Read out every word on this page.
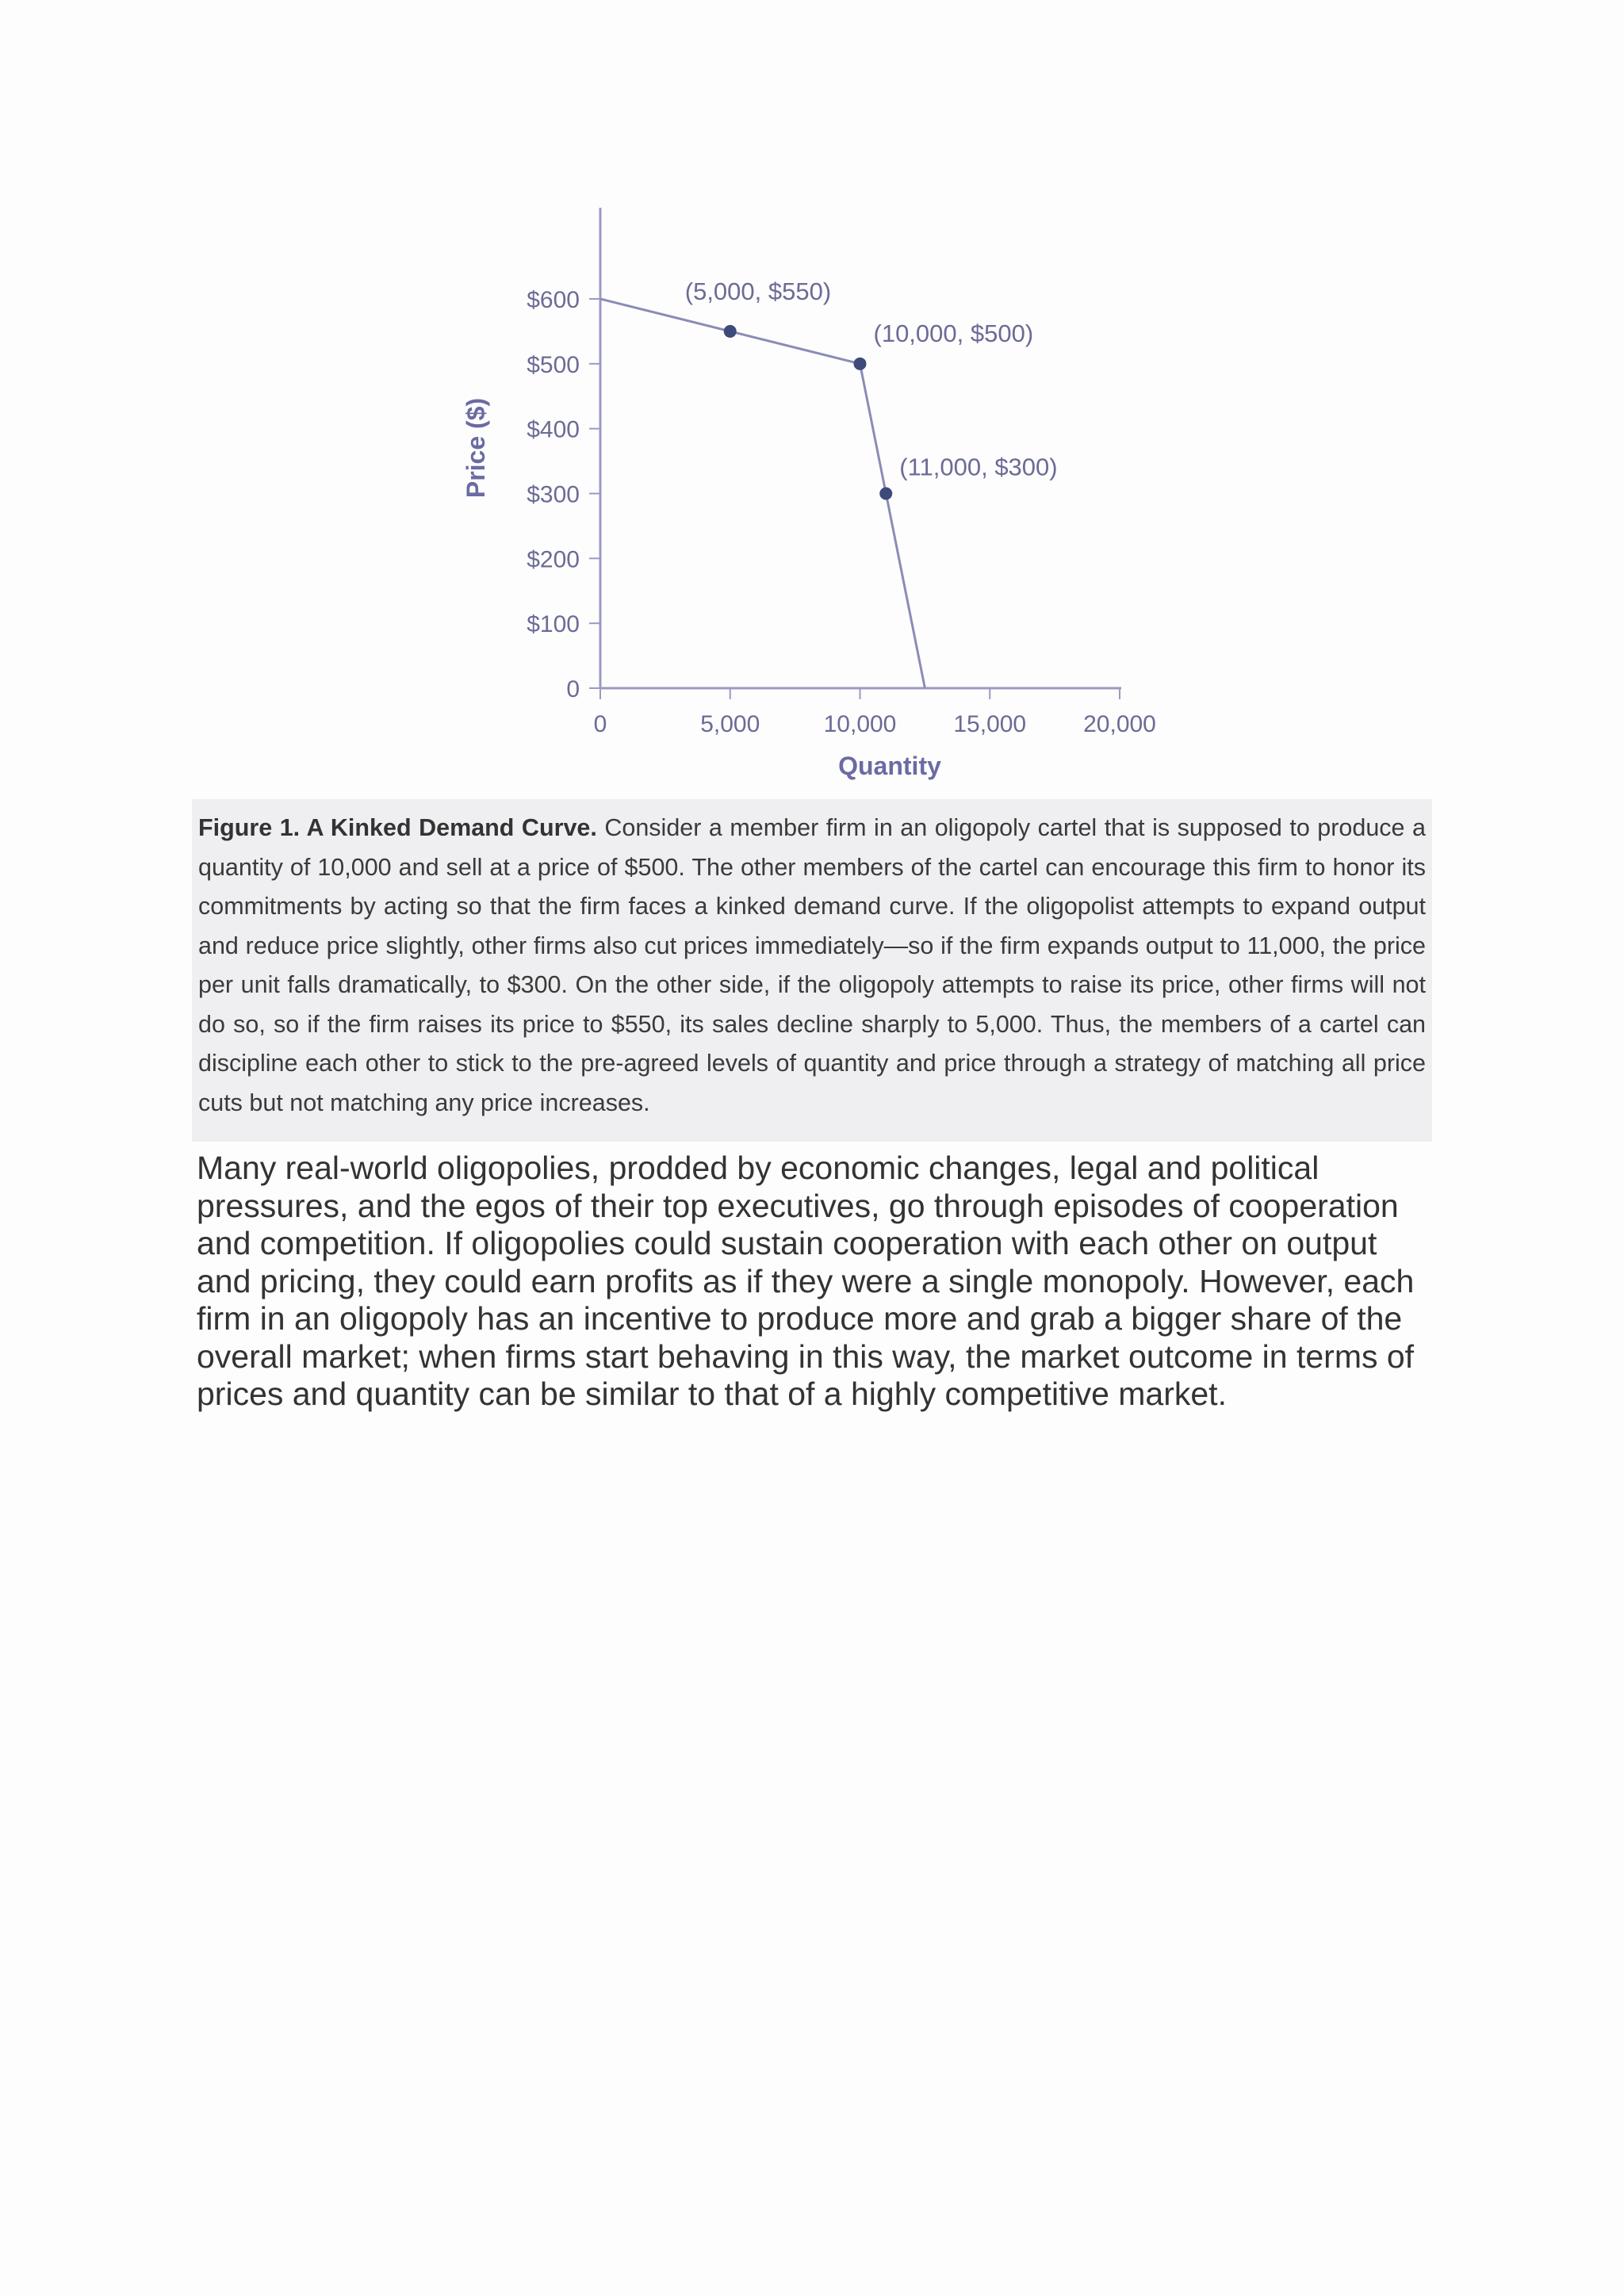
0
$100
$200
$300
$400
$500
$600
0	5,000	10,000 15,000 20,000
(5,000, $550)
(10,000, $500)
(11,000, $300)
Quantity
Price ($)
Figure 1. A Kinked Demand Curve. Consider a member firm in an oligopoly cartel that is supposed to produce a quantity of 10,000 and sell at a price of $500. The other members of the cartel can encourage this firm to honor its commitments by acting so that the firm faces a kinked demand curve. If the oligopolist attempts to expand output and reduce price slightly, other firms also cut prices immediately—so if the firm expands output to 11,000, the price per unit falls dramatically, to $300. On the other side, if the oligopoly attempts to raise its price, other firms will not do so, so if the firm raises its price to $550, its sales decline sharply to 5,000. Thus, the members of a cartel can discipline each other to stick to the pre-agreed levels of quantity and price through a strategy of matching all price cuts but not matching any price increases.
Many real-world oligopolies, prodded by economic changes, legal and political pressures, and the egos of their top executives, go through episodes of cooperation and competition. If oligopolies could sustain cooperation with each other on output and pricing, they could earn profits as if they were a single monopoly. However, each firm in an oligopoly has an incentive to produce more and grab a bigger share of the overall market; when firms start behaving in this way, the market outcome in terms of prices and quantity can be similar to that of a highly competitive market.
